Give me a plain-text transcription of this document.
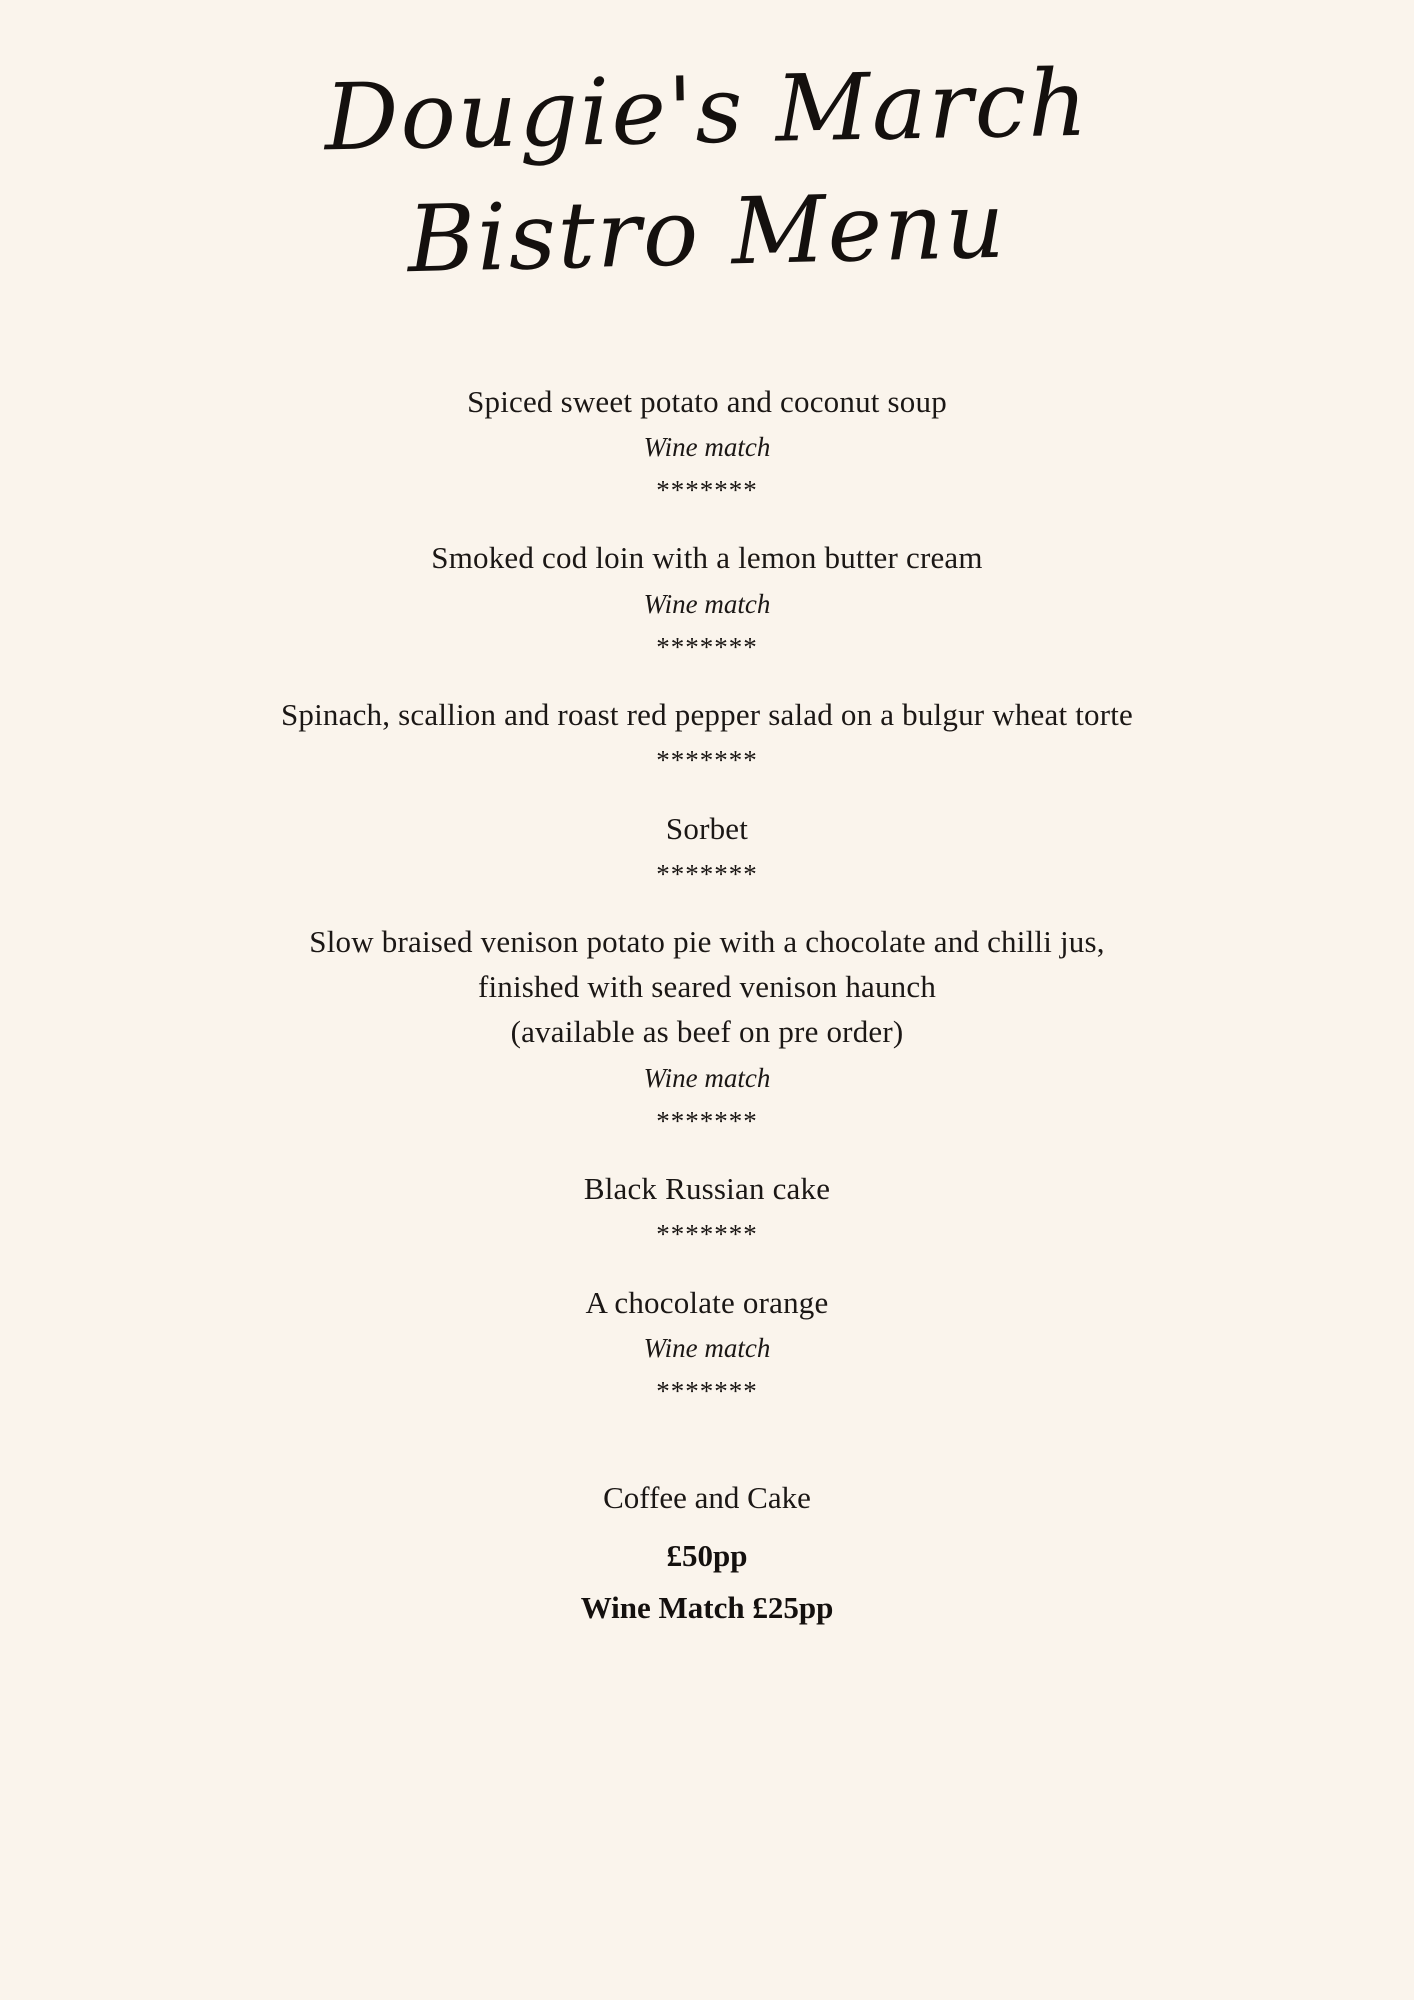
Dougie's March
Bistro Menu
Spiced sweet potato and coconut soup
Wine match
*******
Smoked cod loin with a lemon butter cream
Wine match
*******
Spinach, scallion and roast red pepper salad on a bulgur wheat torte
*******
Sorbet
*******
Slow braised venison potato pie with a chocolate and chilli jus,
finished with seared venison haunch
(available as beef on pre order)
Wine match
*******
Black Russian cake
*******
A chocolate orange
Wine match
*******
Coffee and Cake
£50pp
Wine Match £25pp
